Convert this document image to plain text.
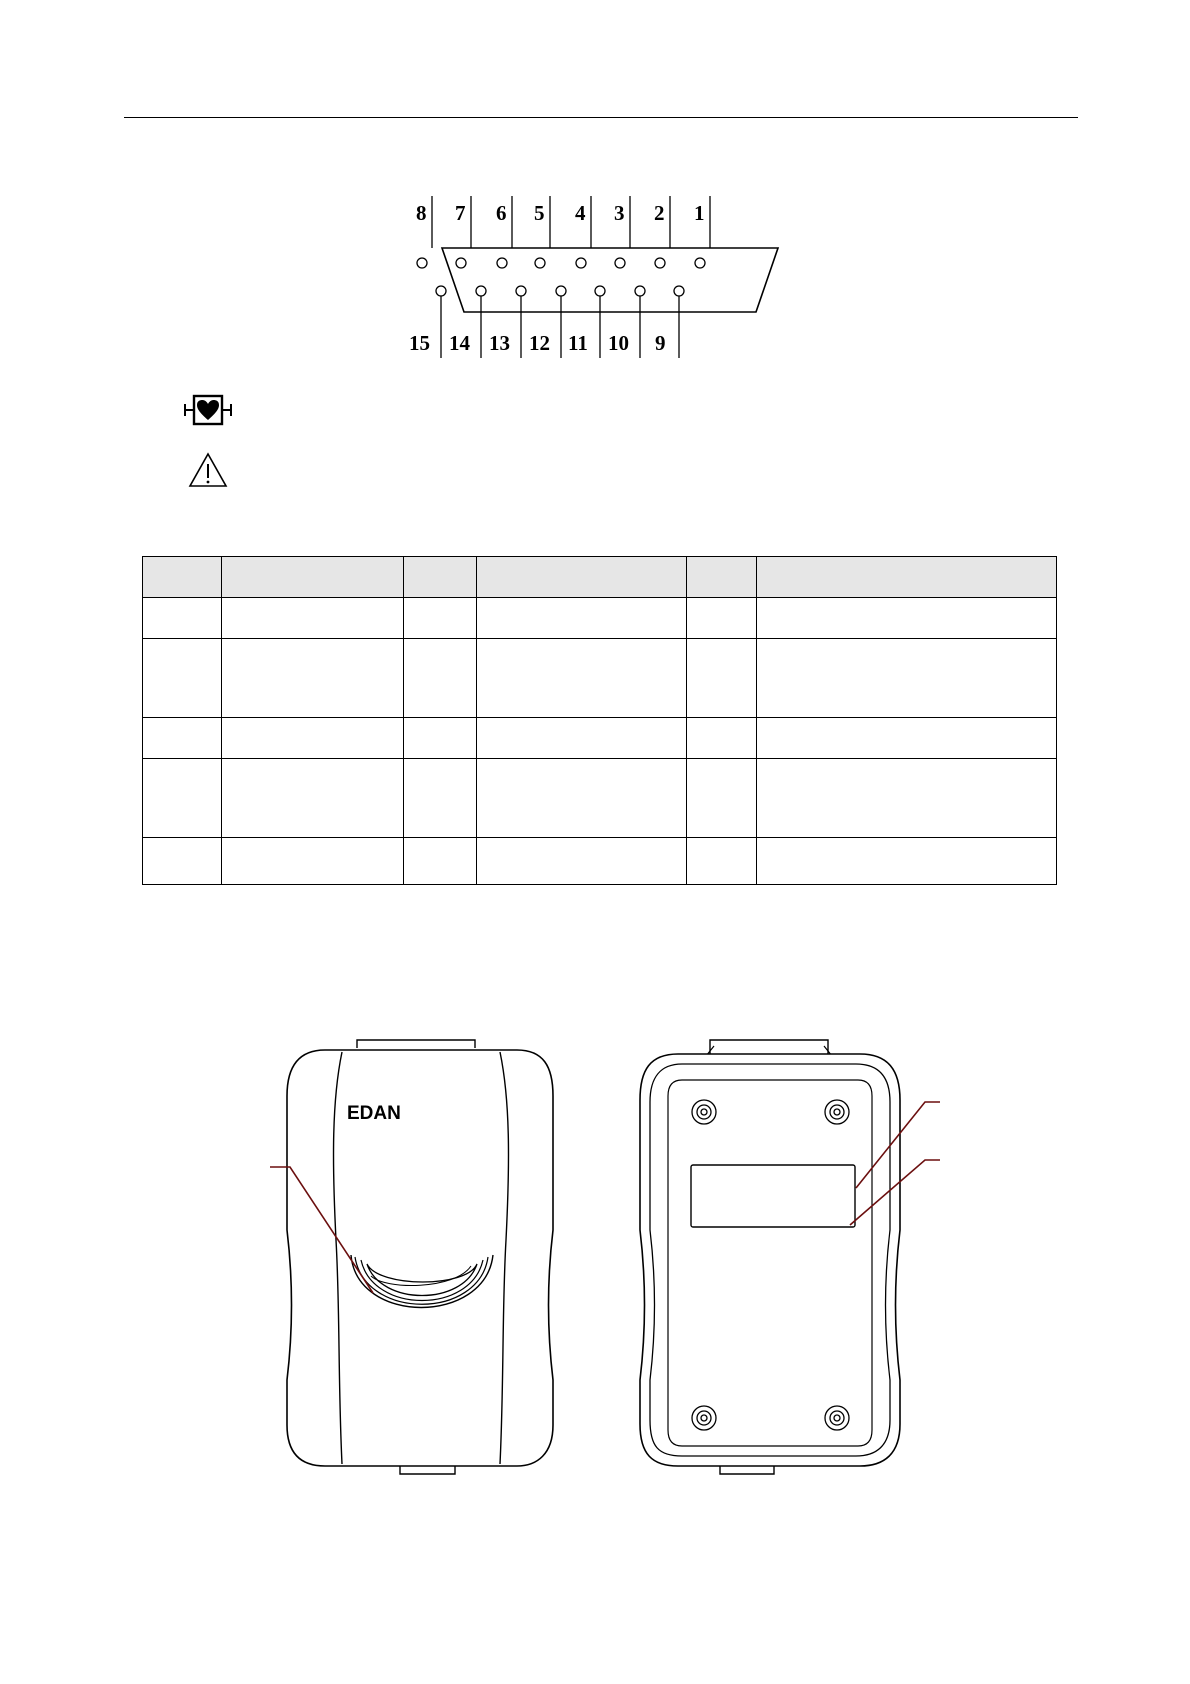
8 7 6 5 4 3 2 1
15 14 13 12 11 10 9

EDAN
